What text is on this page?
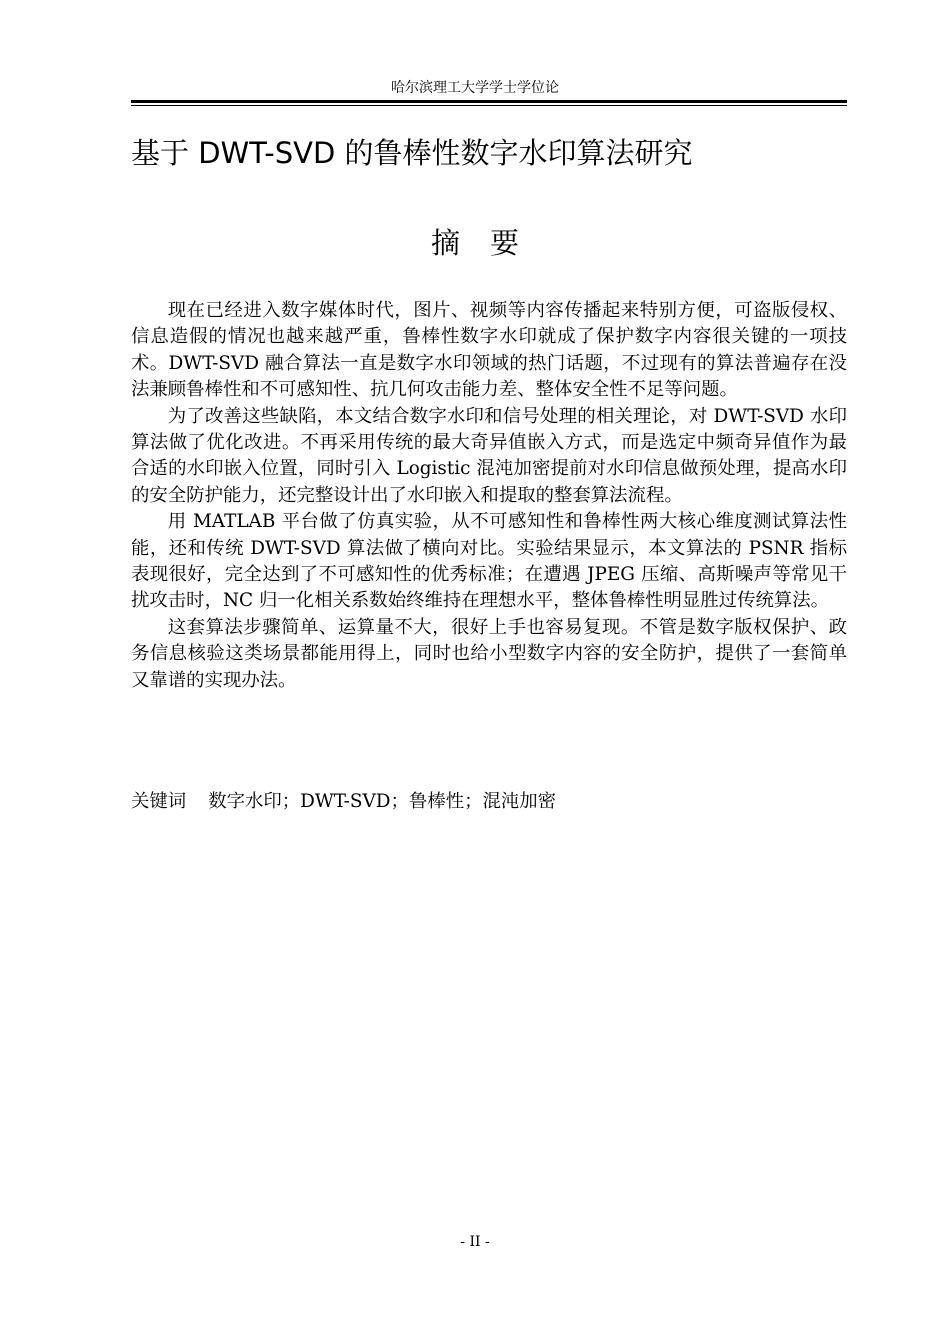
哈尔滨理工大学学士学位论
基于 DWT-SVD 的鲁棒性数字水印算法研究
摘要

现在已经进入数字媒体时代，图片、视频等内容传播起来特别方便，可盗版侵权、信息造假的情况也越来越严重，鲁棒性数字水印就成了保护数字内容很关键的一项技术。DWT-SVD 融合算法一直是数字水印领域的热门话题，不过现有的算法普遍存在没法兼顾鲁棒性和不可感知性、抗几何攻击能力差、整体安全性不足等问题。

为了改善这些缺陷，本文结合数字水印和信号处理的相关理论，对 DWT-SVD 水印算法做了优化改进。不再采用传统的最大奇异值嵌入方式，而是选定中频奇异值作为最合适的水印嵌入位置，同时引入 Logistic 混沌加密提前对水印信息做预处理，提高水印的安全防护能力，还完整设计出了水印嵌入和提取的整套算法流程。

用 MATLAB 平台做了仿真实验，从不可感知性和鲁棒性两大核心维度测试算法性能，还和传统 DWT-SVD 算法做了横向对比。实验结果显示，本文算法的 PSNR 指标表现很好，完全达到了不可感知性的优秀标准；在遭遇 JPEG 压缩、高斯噪声等常见干扰攻击时，NC 归一化相关系数始终维持在理想水平，整体鲁棒性明显胜过传统算法。

这套算法步骤简单、运算量不大，很好上手也容易复现。不管是数字版权保护、政务信息核验这类场景都能用得上，同时也给小型数字内容的安全防护，提供了一套简单又靠谱的实现办法。

关键词 数字水印；DWT-SVD；鲁棒性；混沌加密
- II -
